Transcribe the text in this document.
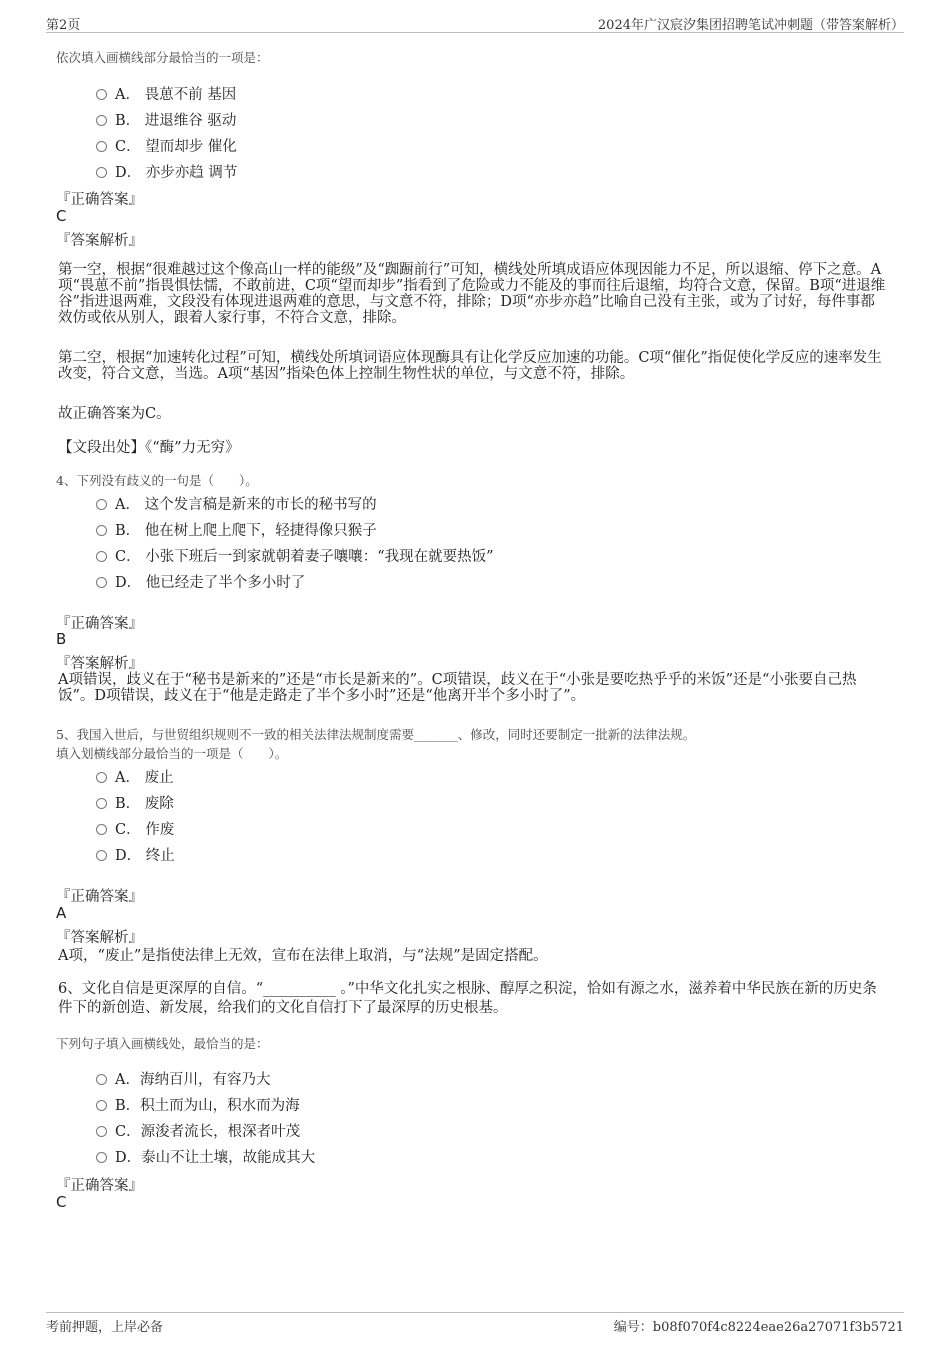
第2页	2024年广汉宸汐集团招聘笔试冲刺题（带答案解析）
依次填入画横线部分最恰当的一项是：
A． 畏葸不前 基因
B． 进退维谷 驱动
C． 望而却步 催化
D． 亦步亦趋 调节
『正确答案』
C
『答案解析』
第一空，根据“很难越过这个像高山一样的能级”及“踟蹰前行”可知，横线处所填成语应体现因能力不足，所以退缩、停下之意。A项“畏葸不前”指畏惧怯懦，不敢前进，C项“望而却步”指看到了危险或力不能及的事而往后退缩，均符合文意，保留。B项“进退维谷”指进退两难，文段没有体现进退两难的意思，与文意不符，排除；D项“亦步亦趋”比喻自己没有主张，或为了讨好，每件事都效仿或依从别人，跟着人家行事，不符合文意，排除。
第二空，根据“加速转化过程”可知，横线处所填词语应体现酶具有让化学反应加速的功能。C项“催化”指促使化学反应的速率发生改变，符合文意，当选。A项“基因”指染色体上控制生物性状的单位，与文意不符，排除。
故正确答案为C。
【文段出处】《“酶”力无穷》
4、下列没有歧义的一句是（　　）。
A． 这个发言稿是新来的市长的秘书写的
B． 他在树上爬上爬下，轻捷得像只猴子
C． 小张下班后一到家就朝着妻子嚷嚷：“我现在就要热饭”
D． 他已经走了半个多小时了
『正确答案』
B
『答案解析』
A项错误，歧义在于“秘书是新来的”还是“市长是新来的”。C项错误，歧义在于“小张是要吃热乎乎的米饭”还是“小张要自己热饭”。D项错误，歧义在于“他是走路走了半个多小时”还是“他离开半个多小时了”。
5、我国入世后，与世贸组织规则不一致的相关法律法规制度需要_______、修改，同时还要制定一批新的法律法规。
填入划横线部分最恰当的一项是（　　）。
A． 废止
B． 废除
C． 作废
D． 终止
『正确答案』
A
『答案解析』
A项，“废止”是指使法律上无效，宣布在法律上取消，与“法规”是固定搭配。
6、文化自信是更深厚的自信。“__________ 。”中华文化扎实之根脉、醇厚之积淀，恰如有源之水，滋养着中华民族在新的历史条件下的新创造、新发展，给我们的文化自信打下了最深厚的历史根基。
下列句子填入画横线处，最恰当的是：
A．海纳百川，有容乃大
B．积土而为山，积水而为海
C．源浚者流长，根深者叶茂
D．泰山不让土壤，故能成其大
『正确答案』
C
考前押题，上岸必备	编号：b08f070f4c8224eae26a27071f3b5721
